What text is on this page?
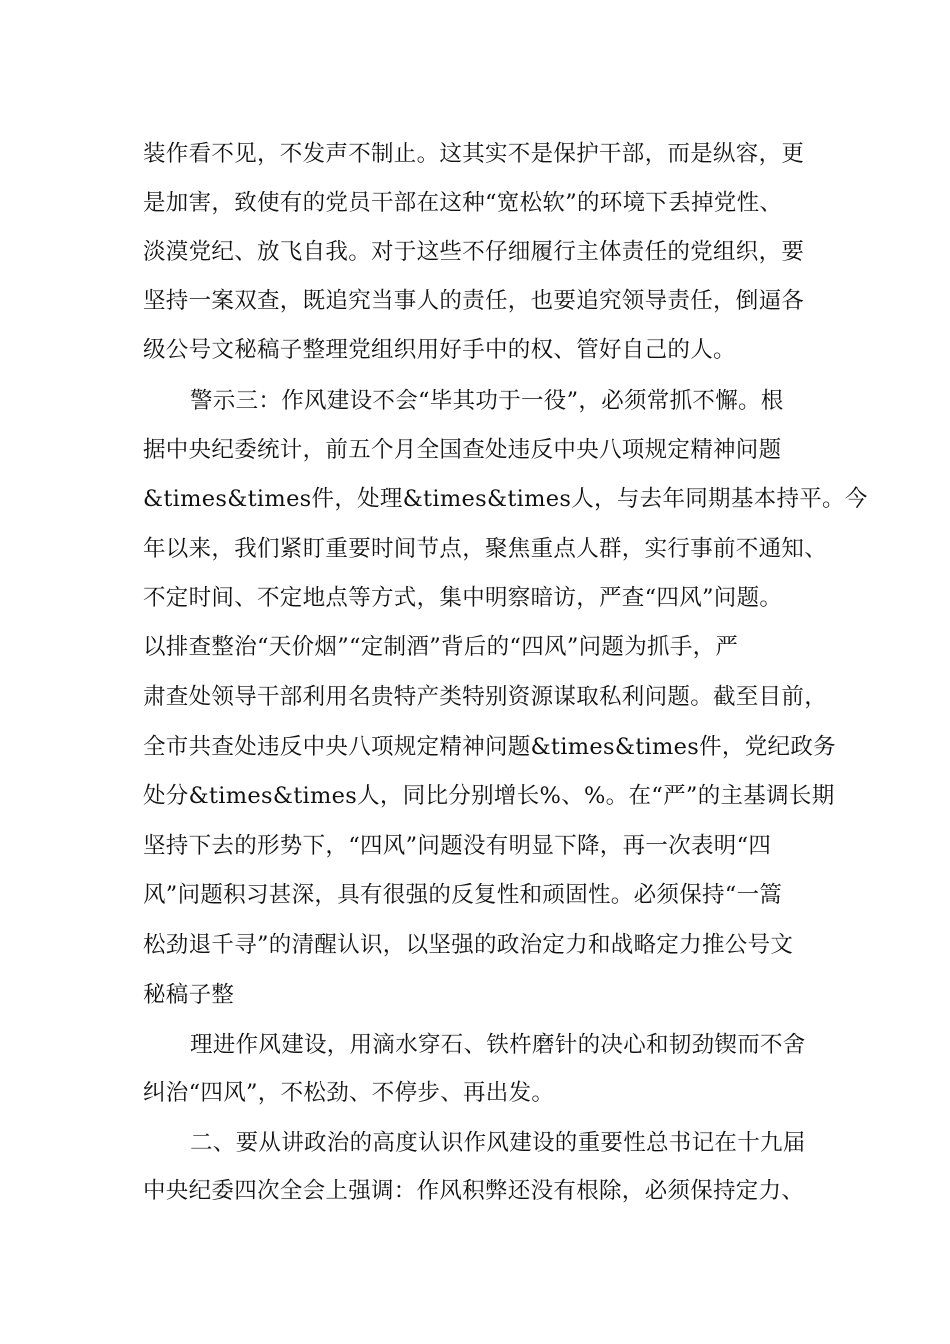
装作看不见，不发声不制止。这其实不是保护干部，而是纵容，更
是加害，致使有的党员干部在这种“宽松软”的环境下丢掉党性、
淡漠党纪、放飞自我。对于这些不仔细履行主体责任的党组织，要
坚持一案双查，既追究当事人的责任，也要追究领导责任，倒逼各
级公号文秘稿子整理党组织用好手中的权、管好自己的人。
警示三：作风建设不会“毕其功于一役”，必须常抓不懈。根
据中央纪委统计，前五个月全国查处违反中央八项规定精神问题
&times&times件，处理&times&times人，与去年同期基本持平。今
年以来，我们紧盯重要时间节点，聚焦重点人群，实行事前不通知、
不定时间、不定地点等方式，集中明察暗访，严查“四风”问题。
以排查整治“天价烟”“定制酒”背后的“四风”问题为抓手，严
肃查处领导干部利用名贵特产类特别资源谋取私利问题。截至目前，
全市共查处违反中央八项规定精神问题&times&times件，党纪政务
处分&times&times人，同比分别增长%、%。在“严”的主基调长期
坚持下去的形势下，“四风”问题没有明显下降，再一次表明“四
风”问题积习甚深，具有很强的反复性和顽固性。必须保持“一篙
松劲退千寻”的清醒认识，以坚强的政治定力和战略定力推公号文
秘稿子整
理进作风建设，用滴水穿石、铁杵磨针的决心和韧劲锲而不舍
纠治“四风”，不松劲、不停步、再出发。
二、要从讲政治的高度认识作风建设的重要性总书记在十九届
中央纪委四次全会上强调：作风积弊还没有根除，必须保持定力、
